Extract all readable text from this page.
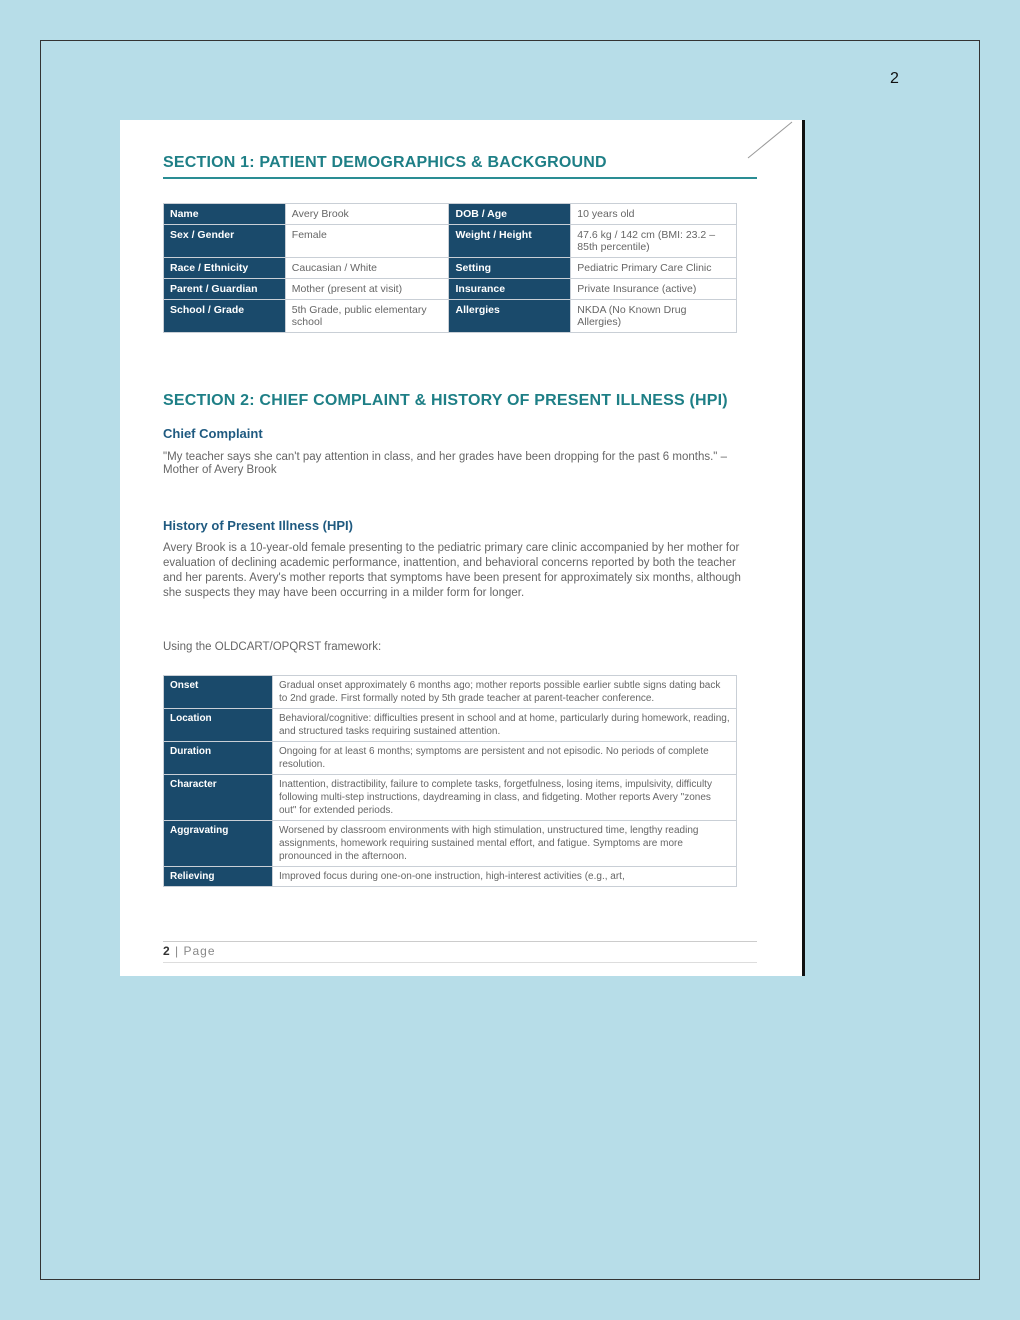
2
SECTION 1: PATIENT DEMOGRAPHICS & BACKGROUND
Name	Avery Brook	DOB / Age	10 years old
Sex / Gender	Female	Weight / Height	47.6 kg / 142 cm (BMI: 23.2 – 85th percentile)
Race / Ethnicity	Caucasian / White	Setting	Pediatric Primary Care Clinic
Parent / Guardian	Mother (present at visit)	Insurance	Private Insurance (active)
School / Grade	5th Grade, public elementary school	Allergies	NKDA (No Known Drug Allergies)
SECTION 2: CHIEF COMPLAINT & HISTORY OF PRESENT ILLNESS (HPI)
Chief Complaint
"My teacher says she can't pay attention in class, and her grades have been dropping for the past 6 months." – Mother of Avery Brook
History of Present Illness (HPI)
Avery Brook is a 10-year-old female presenting to the pediatric primary care clinic accompanied by her mother for evaluation of declining academic performance, inattention, and behavioral concerns reported by both the teacher and her parents. Avery's mother reports that symptoms have been present for approximately six months, although she suspects they may have been occurring in a milder form for longer.
Using the OLDCART/OPQRST framework:
Onset	Gradual onset approximately 6 months ago; mother reports possible earlier subtle signs dating back to 2nd grade. First formally noted by 5th grade teacher at parent-teacher conference.
Location	Behavioral/cognitive: difficulties present in school and at home, particularly during homework, reading, and structured tasks requiring sustained attention.
Duration	Ongoing for at least 6 months; symptoms are persistent and not episodic. No periods of complete resolution.
Character	Inattention, distractibility, failure to complete tasks, forgetfulness, losing items, impulsivity, difficulty following multi-step instructions, daydreaming in class, and fidgeting. Mother reports Avery "zones out" for extended periods.
Aggravating	Worsened by classroom environments with high stimulation, unstructured time, lengthy reading assignments, homework requiring sustained mental effort, and fatigue. Symptoms are more pronounced in the afternoon.
Relieving	Improved focus during one-on-one instruction, high-interest activities (e.g., art,
2 | Page
